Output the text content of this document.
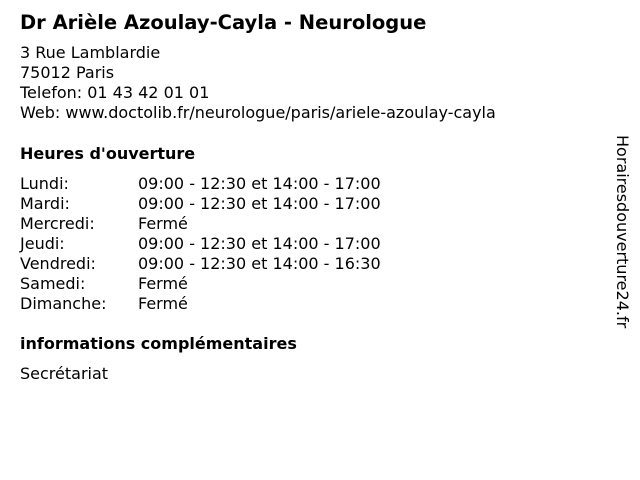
Dr Arièle Azoulay-Cayla - Neurologue
3 Rue Lamblardie
75012 Paris
Telefon: 01 43 42 01 01
Web: www.doctolib.fr/neurologue/paris/ariele-azoulay-cayla
Heures d'ouverture
Lundi:	09:00 - 12:30 et 14:00 - 17:00
Mardi:	09:00 - 12:30 et 14:00 - 17:00
Mercredi:	Fermé
Jeudi:	09:00 - 12:30 et 14:00 - 17:00
Vendredi:	09:00 - 12:30 et 14:00 - 16:30
Samedi:	Fermé
Dimanche: Fermé
informations complémentaires
Secrétariat
Horairesdouverture24.fr
